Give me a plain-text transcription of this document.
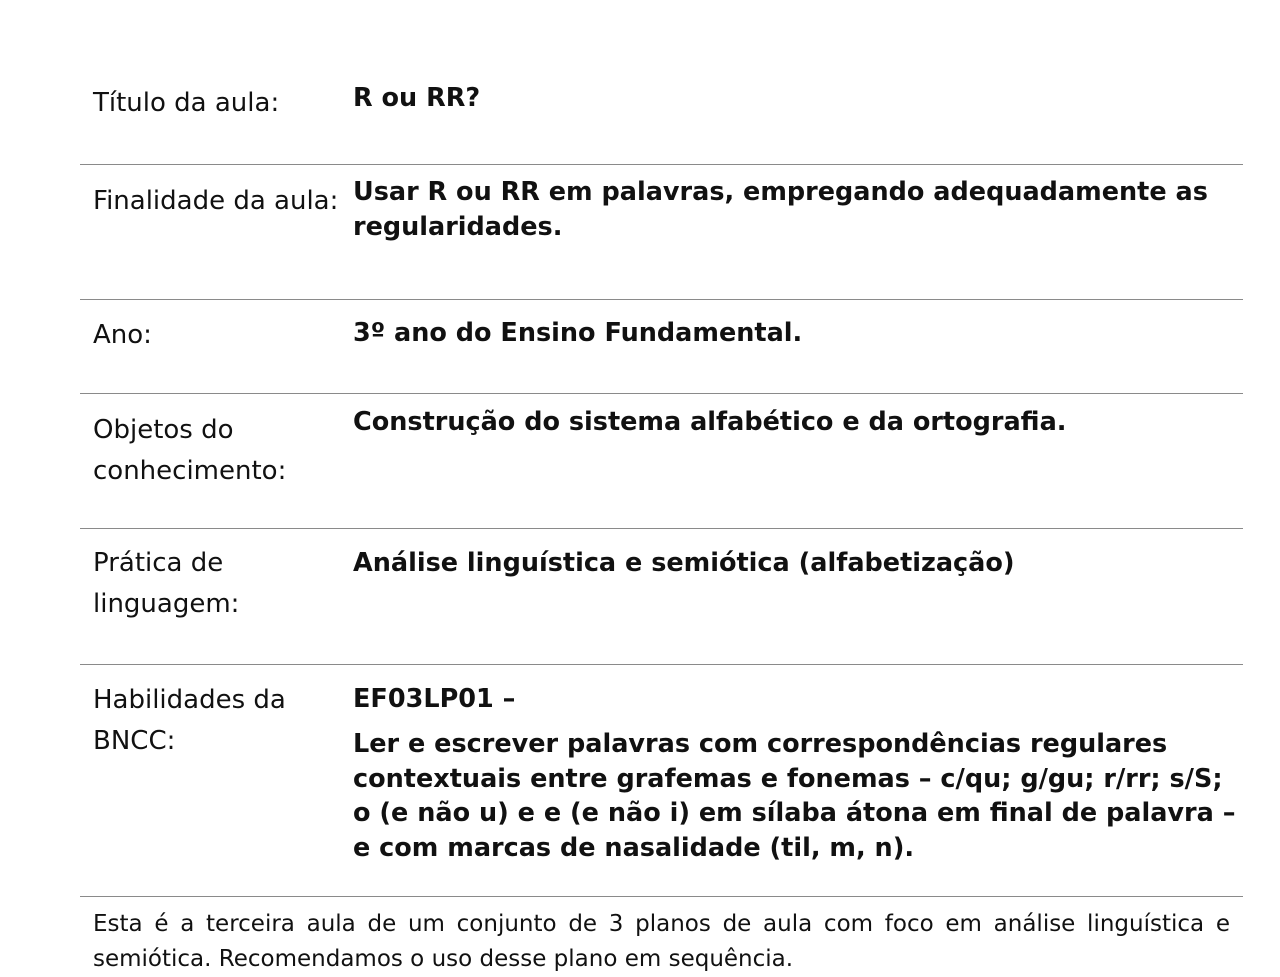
Título da aula:	R ou RR?
Finalidade da aula:	Usar R ou RR em palavras, empregando adequadamente as regularidades.
Ano:	3º ano do Ensino Fundamental.
Objetos do conhecimento:	Construção do sistema alfabético e da ortografia.
Prática de linguagem:	Análise linguística e semiótica (alfabetização)
Habilidades da BNCC:	EF03LP01 –
Ler e escrever palavras com correspondências regulares contextuais entre grafemas e fonemas – c/qu; g/gu; r/rr; s/S; o (e não u) e e (e não i) em sílaba átona em final de palavra – e com marcas de nasalidade (til, m, n).

Esta é a terceira aula de um conjunto de 3 planos de aula com foco em análise linguística e semiótica. Recomendamos o uso desse plano em sequência.
